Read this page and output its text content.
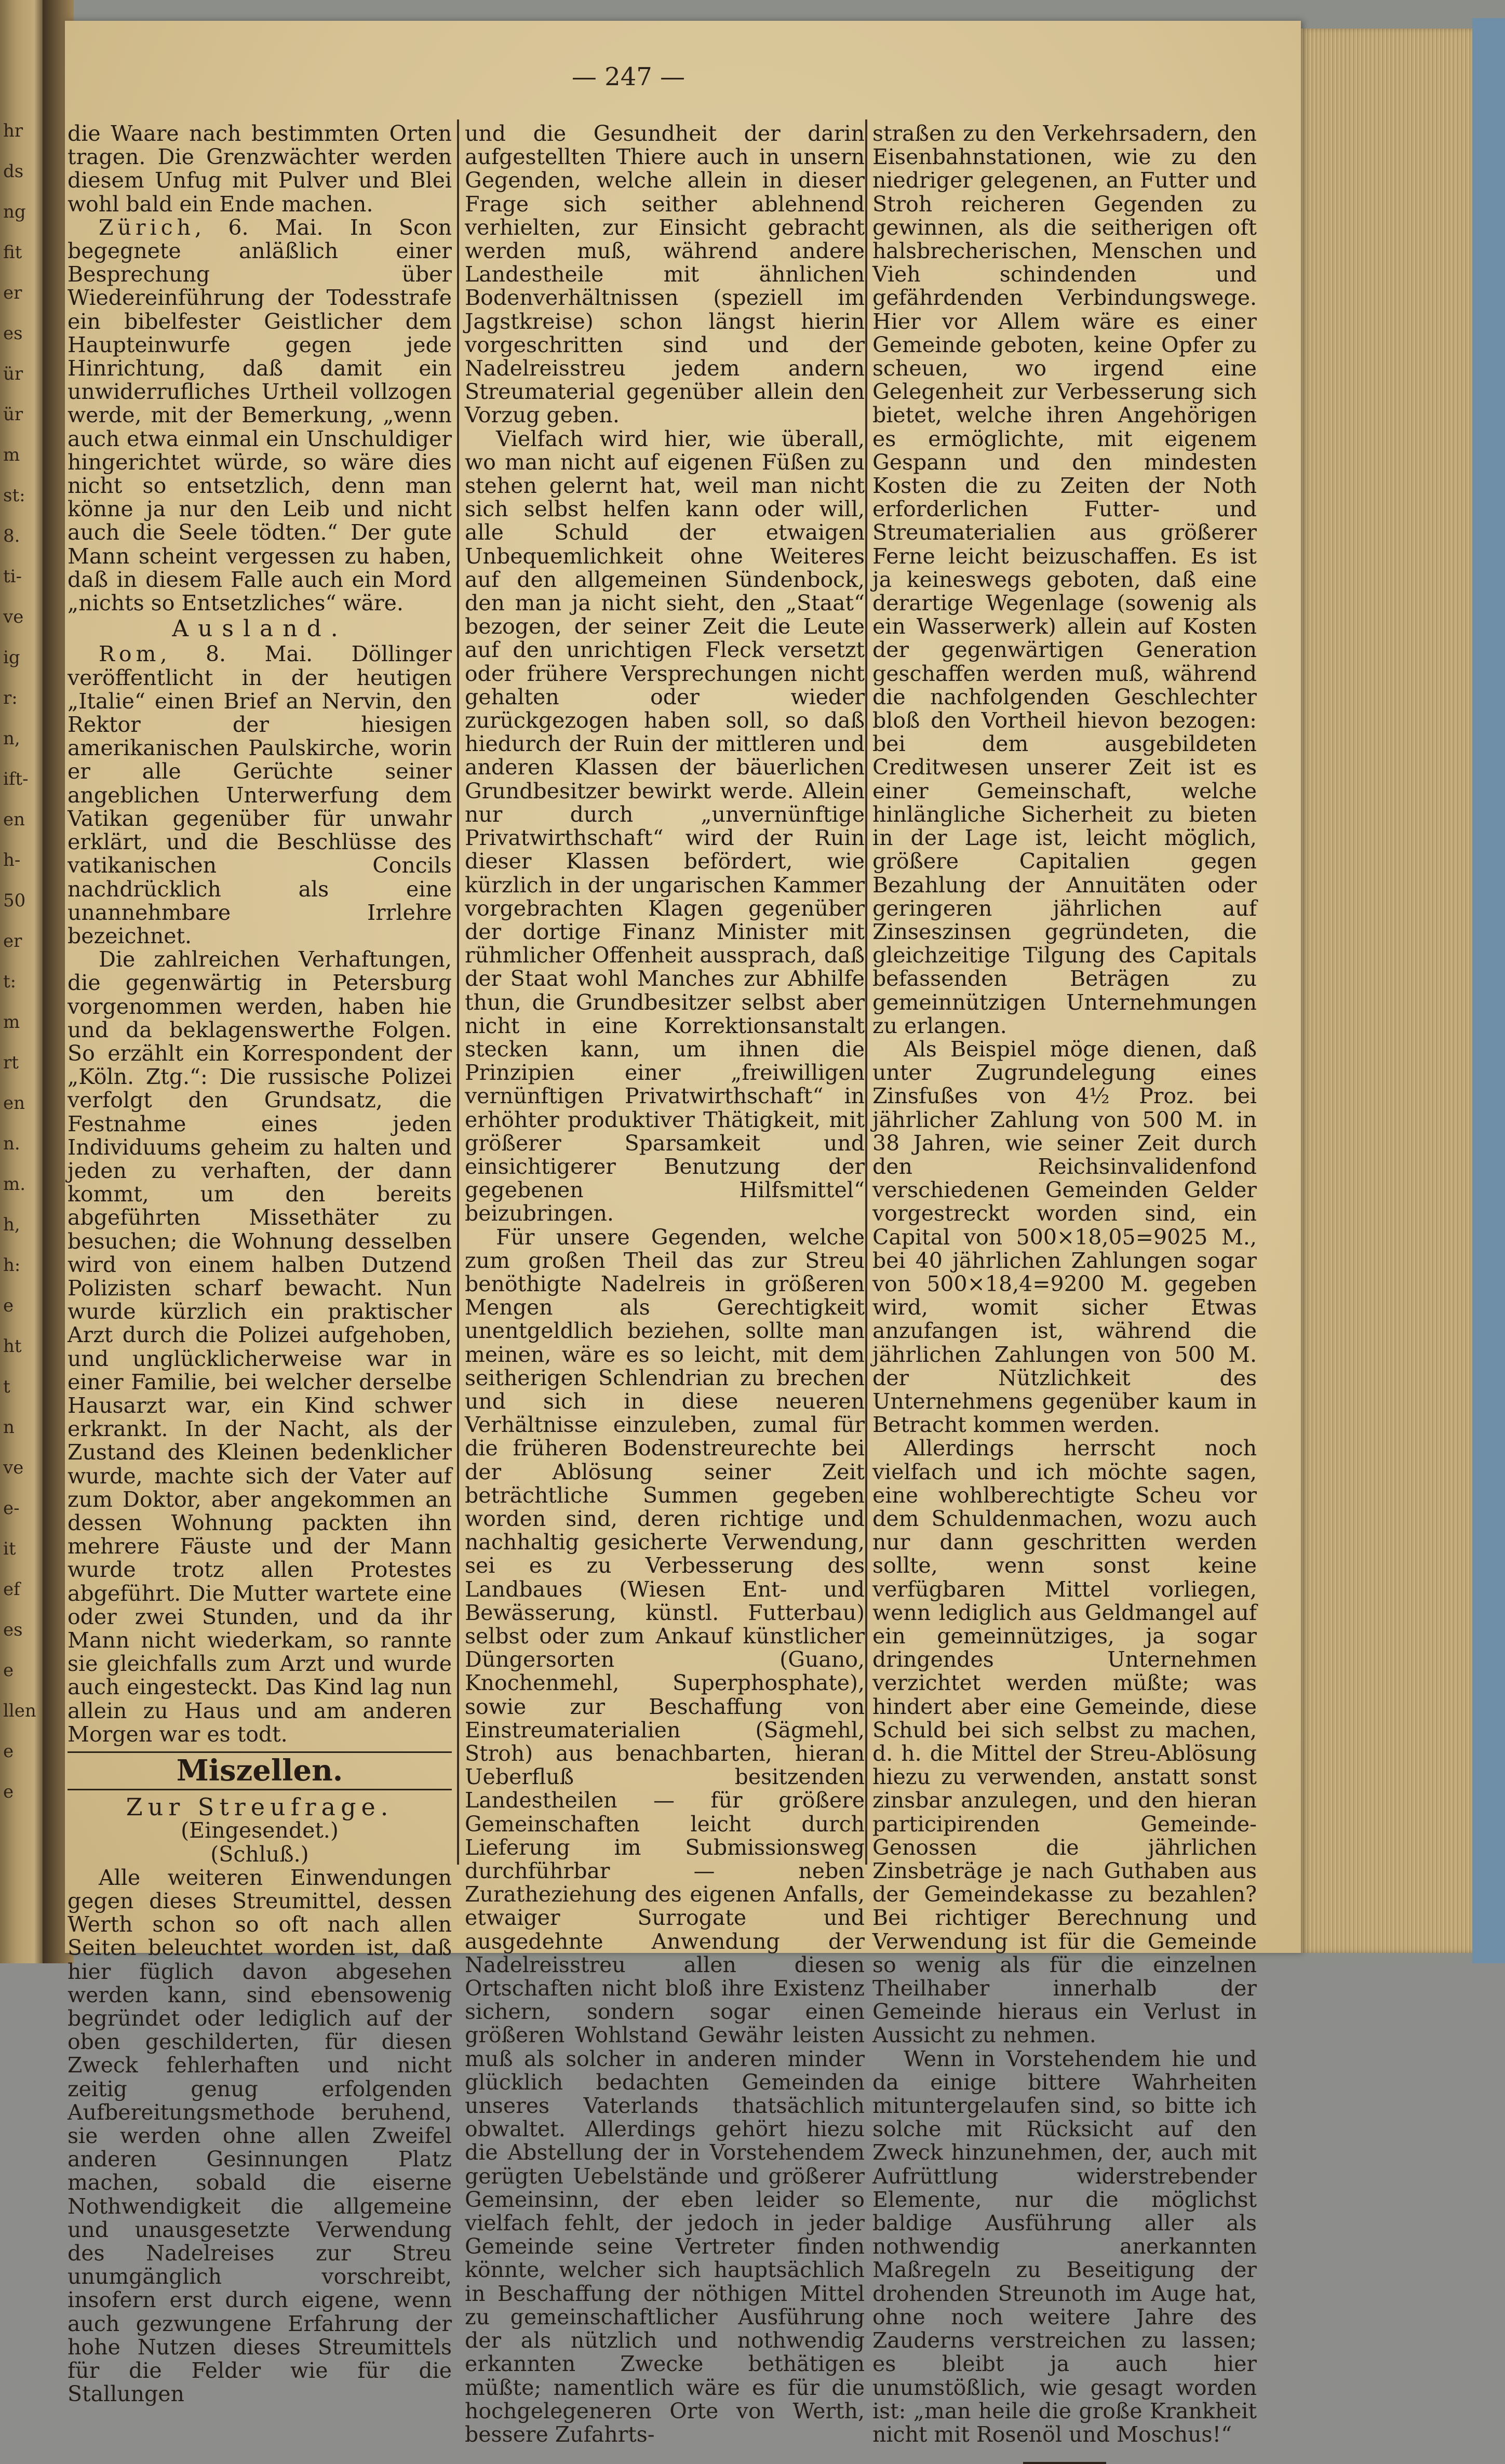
hr
ds
ng
fit
er
es
ür
ür
m
st:
8.
ti-
ve
ig
r:
n,
ift-
en
h-
50
er
t:
m
rt
en
n.
m.
h,
h:
e
ht
t
n
ve
e-
it
ef
es
e
llen
e
e
— 247 —

die Waare nach bestimmten Orten tragen. Die Grenzwächter werden diesem Unfug mit Pulver und Blei wohl bald ein Ende machen.

Zürich, 6. Mai. In Scon begegnete anläßlich einer Besprechung über Wiedereinführung der Todesstrafe ein bibelfester Geistlicher dem Haupteinwurfe gegen jede Hinrichtung, daß damit ein unwiderrufliches Urtheil vollzogen werde, mit der Bemerkung, „wenn auch etwa einmal ein Unschuldiger hingerichtet würde, so wäre dies nicht so entsetzlich, denn man könne ja nur den Leib und nicht auch die Seele tödten.“ Der gute Mann scheint vergessen zu haben, daß in diesem Falle auch ein Mord „nichts so Entsetzliches“ wäre.

Ausland.

Rom, 8. Mai. Döllinger veröffentlicht in der heutigen „Italie“ einen Brief an Nervin, den Rektor der hiesigen amerikanischen Paulskirche, worin er alle Gerüchte seiner angeblichen Unterwerfung dem Vatikan gegenüber für unwahr erklärt, und die Beschlüsse des vatikanischen Concils nachdrücklich als eine unannehmbare Irrlehre bezeichnet.

Die zahlreichen Verhaftungen, die gegenwärtig in Petersburg vorgenommen werden, haben hie und da beklagenswerthe Folgen. So erzählt ein Korrespondent der „Köln. Ztg.“: Die russische Polizei verfolgt den Grundsatz, die Festnahme eines jeden Individuums geheim zu halten und jeden zu verhaften, der dann kommt, um den bereits abgeführten Missethäter zu besuchen; die Wohnung desselben wird von einem halben Dutzend Polizisten scharf bewacht. Nun wurde kürzlich ein praktischer Arzt durch die Polizei aufgehoben, und unglücklicherweise war in einer Familie, bei welcher derselbe Hausarzt war, ein Kind schwer erkrankt. In der Nacht, als der Zustand des Kleinen bedenklicher wurde, machte sich der Vater auf zum Doktor, aber angekommen an dessen Wohnung packten ihn mehrere Fäuste und der Mann wurde trotz allen Protestes abgeführt. Die Mutter wartete eine oder zwei Stunden, und da ihr Mann nicht wiederkam, so rannte sie gleichfalls zum Arzt und wurde auch eingesteckt. Das Kind lag nun allein zu Haus und am anderen Morgen war es todt.

Miszellen.
Zur Streufrage.
(Eingesendet.)
(Schluß.)

Alle weiteren Einwendungen gegen dieses Streumittel, dessen Werth schon so oft nach allen Seiten beleuchtet worden ist, daß hier füglich davon abgesehen werden kann, sind ebensowenig begründet oder lediglich auf der oben geschilderten, für diesen Zweck fehlerhaften und nicht zeitig genug erfolgenden Aufbereitungsmethode beruhend, sie werden ohne allen Zweifel anderen Gesinnungen Platz machen, sobald die eiserne Nothwendigkeit die allgemeine und unausgesetzte Verwendung des Nadelreises zur Streu unumgänglich vorschreibt, insofern erst durch eigene, wenn auch gezwungene Erfahrung der hohe Nutzen dieses Streumittels für die Felder wie für die Stallungen

und die Gesundheit der darin aufgestellten Thiere auch in unsern Gegenden, welche allein in dieser Frage sich seither ablehnend verhielten, zur Einsicht gebracht werden muß, während andere Landestheile mit ähnlichen Bodenverhältnissen (speziell im Jagstkreise) schon längst hierin vorgeschritten sind und der Nadelreisstreu jedem andern Streumaterial gegenüber allein den Vorzug geben.

Vielfach wird hier, wie überall, wo man nicht auf eigenen Füßen zu stehen gelernt hat, weil man nicht sich selbst helfen kann oder will, alle Schuld der etwaigen Unbequemlichkeit ohne Weiteres auf den allgemeinen Sündenbock, den man ja nicht sieht, den „Staat“ bezogen, der seiner Zeit die Leute auf den unrichtigen Fleck versetzt oder frühere Versprechungen nicht gehalten oder wieder zurückgezogen haben soll, so daß hiedurch der Ruin der mittleren und anderen Klassen der bäuerlichen Grundbesitzer bewirkt werde. Allein nur durch „unvernünftige Privatwirthschaft“ wird der Ruin dieser Klassen befördert, wie kürzlich in der ungarischen Kammer vorgebrachten Klagen gegenüber der dortige Finanz Minister mit rühmlicher Offenheit aussprach, daß der Staat wohl Manches zur Abhilfe thun, die Grundbesitzer selbst aber nicht in eine Korrektionsanstalt stecken kann, um ihnen die Prinzipien einer „freiwilligen vernünftigen Privatwirthschaft“ in erhöhter produktiver Thätigkeit, mit größerer Sparsamkeit und einsichtigerer Benutzung der gegebenen Hilfsmittel“ beizubringen.

Für unsere Gegenden, welche zum großen Theil das zur Streu benöthigte Nadelreis in größeren Mengen als Gerechtigkeit unentgeldlich beziehen, sollte man meinen, wäre es so leicht, mit dem seitherigen Schlendrian zu brechen und sich in diese neueren Verhältnisse einzuleben, zumal für die früheren Bodenstreurechte bei der Ablösung seiner Zeit beträchtliche Summen gegeben worden sind, deren richtige und nachhaltig gesicherte Verwendung, sei es zu Verbesserung des Landbaues (Wiesen Ent- und Bewässerung, künstl. Futterbau) selbst oder zum Ankauf künstlicher Düngersorten (Guano, Knochenmehl, Superphosphate), sowie zur Beschaffung von Einstreumaterialien (Sägmehl, Stroh) aus benachbarten, hieran Ueberfluß besitzenden Landestheilen — für größere Gemeinschaften leicht durch Lieferung im Submissionsweg durchführbar — neben Zuratheziehung des eigenen Anfalls, etwaiger Surrogate und ausgedehnte Anwendung der Nadelreisstreu allen diesen Ortschaften nicht bloß ihre Existenz sichern, sondern sogar einen größeren Wohlstand Gewähr leisten muß als solcher in anderen minder glücklich bedachten Gemeinden unseres Vaterlands thatsächlich obwaltet. Allerdings gehört hiezu die Abstellung der in Vorstehendem gerügten Uebelstände und größerer Gemeinsinn, der eben leider so vielfach fehlt, der jedoch in jeder Gemeinde seine Vertreter finden könnte, welcher sich hauptsächlich in Beschaffung der nöthigen Mittel zu gemeinschaftlicher Ausführung der als nützlich und nothwendig erkannten Zwecke bethätigen müßte; namentlich wäre es für die hochgelegeneren Orte von Werth, bessere Zufahrts-

straßen zu den Verkehrsadern, den Eisenbahnstationen, wie zu den niedriger gelegenen, an Futter und Stroh reicheren Gegenden zu gewinnen, als die seitherigen oft halsbrecherischen, Menschen und Vieh schindenden und gefährdenden Verbindungswege. Hier vor Allem wäre es einer Gemeinde geboten, keine Opfer zu scheuen, wo irgend eine Gelegenheit zur Verbesserung sich bietet, welche ihren Angehörigen es ermöglichte, mit eigenem Gespann und den mindesten Kosten die zu Zeiten der Noth erforderlichen Futter- und Streumaterialien aus größerer Ferne leicht beizuschaffen. Es ist ja keineswegs geboten, daß eine derartige Wegenlage (sowenig als ein Wasserwerk) allein auf Kosten der gegenwärtigen Generation geschaffen werden muß, während die nachfolgenden Geschlechter bloß den Vortheil hievon bezogen: bei dem ausgebildeten Creditwesen unserer Zeit ist es einer Gemeinschaft, welche hinlängliche Sicherheit zu bieten in der Lage ist, leicht möglich, größere Capitalien gegen Bezahlung der Annuitäten oder geringeren jährlichen auf Zinseszinsen gegründeten, die gleichzeitige Tilgung des Capitals befassenden Beträgen zu gemeinnützigen Unternehmungen zu erlangen.

Als Beispiel möge dienen, daß unter Zugrundelegung eines Zinsfußes von 4½ Proz. bei jährlicher Zahlung von 500 M. in 38 Jahren, wie seiner Zeit durch den Reichsinvalidenfond verschiedenen Gemeinden Gelder vorgestreckt worden sind, ein Capital von 500×18,05=9025 M., bei 40 jährlichen Zahlungen sogar von 500×18,4=9200 M. gegeben wird, womit sicher Etwas anzufangen ist, während die jährlichen Zahlungen von 500 M. der Nützlichkeit des Unternehmens gegenüber kaum in Betracht kommen werden.

Allerdings herrscht noch vielfach und ich möchte sagen, eine wohlberechtigte Scheu vor dem Schuldenmachen, wozu auch nur dann geschritten werden sollte, wenn sonst keine verfügbaren Mittel vorliegen, wenn lediglich aus Geldmangel auf ein gemeinnütziges, ja sogar dringendes Unternehmen verzichtet werden müßte; was hindert aber eine Gemeinde, diese Schuld bei sich selbst zu machen, d. h. die Mittel der Streu-Ablösung hiezu zu verwenden, anstatt sonst zinsbar anzulegen, und den hieran participirenden Gemeinde-Genossen die jährlichen Zinsbeträge je nach Guthaben aus der Gemeindekasse zu bezahlen? Bei richtiger Berechnung und Verwendung ist für die Gemeinde so wenig als für die einzelnen Theilhaber innerhalb der Gemeinde hieraus ein Verlust in Aussicht zu nehmen.

Wenn in Vorstehendem hie und da einige bittere Wahrheiten mituntergelaufen sind, so bitte ich solche mit Rücksicht auf den Zweck hinzunehmen, der, auch mit Aufrüttlung widerstrebender Elemente, nur die möglichst baldige Ausführung aller als nothwendig anerkannten Maßregeln zu Beseitigung der drohenden Streunoth im Auge hat, ohne noch weitere Jahre des Zauderns verstreichen zu lassen; es bleibt ja auch hier unumstößlich, wie gesagt worden ist: „man heile die große Krankheit nicht mit Rosenöl und Moschus!“
